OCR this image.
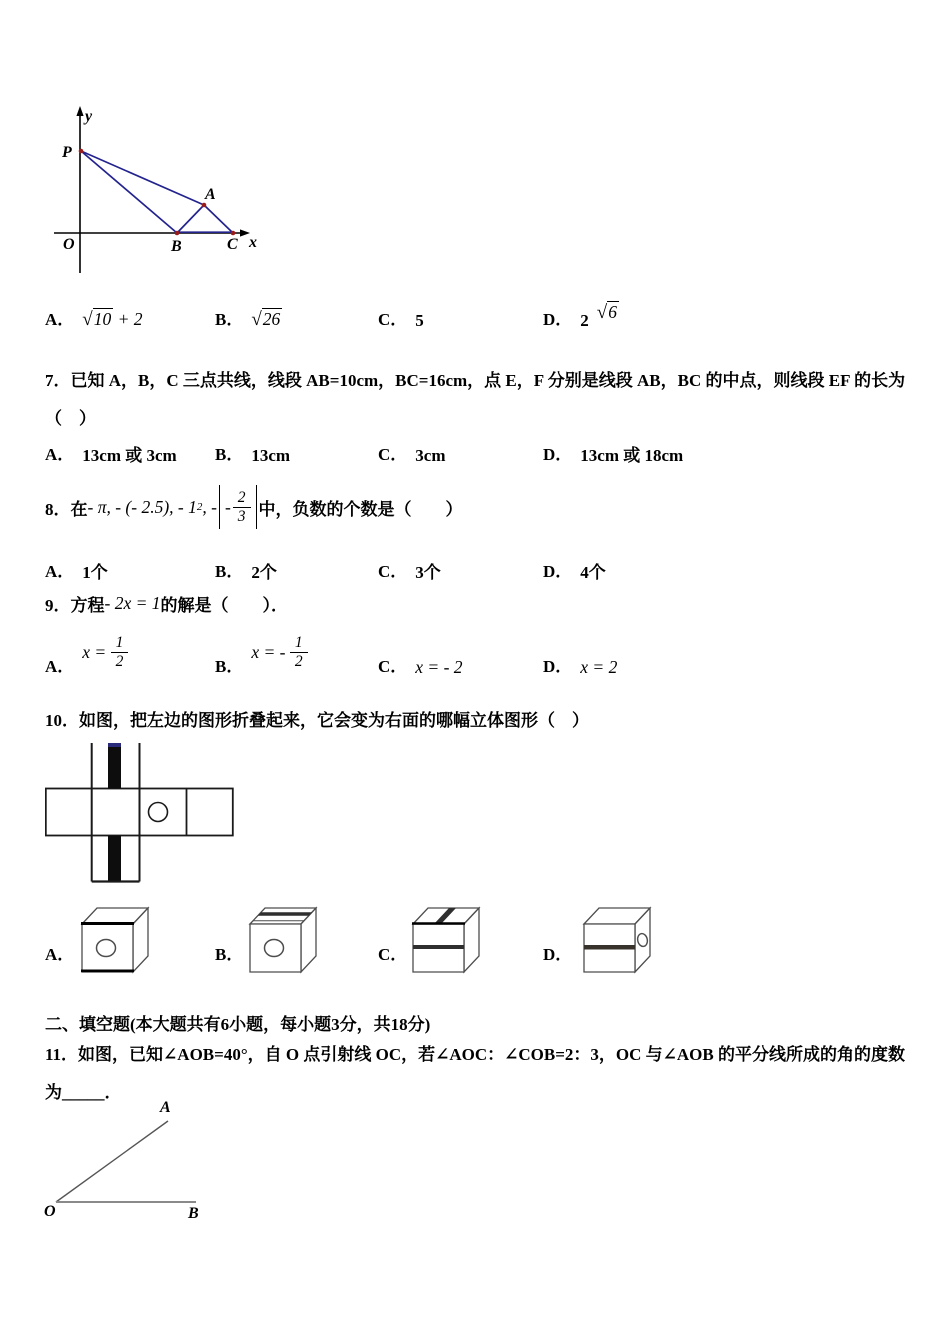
P
y
O
A
B	C x
A． √10 + 2	B． √26	C． 5	D． 2 √6
7．已知 A，B，C 三点共线，线段 AB=10cm，BC=16cm，点 E，F 分别是线段 AB，BC 的中点，则线段 EF 的长为
（　）
A． 13cm 或 3cm B． 13cm	C． 3cm	D． 13cm 或 18cm
8．在 - π, - (- 2.5), - 1 2 , - - $\frac{2}{3}$ 中，负数的个数是（　　）
A． 1个	B． 2个	C． 3个	D． 4个
9．方程 - 2x = 1 的解是（　　）．
A．
x =
$\frac{1}{2}$	B．
x = -
$\frac{1}{2}$	C． x = - 2	D． x = 2
10．如图，把左边的图形折叠起来，它会变为右面的哪幅立体图形（　）
A．	B．	C．	D．
二、填空题(本大题共有6小题，每小题3分，共18分)
11．如图，已知∠AOB=40°，自 O 点引射线 OC，若∠AOC：∠COB=2：3，OC 与∠AOB 的平分线所成的角的度数
为_____．
O
A
B
